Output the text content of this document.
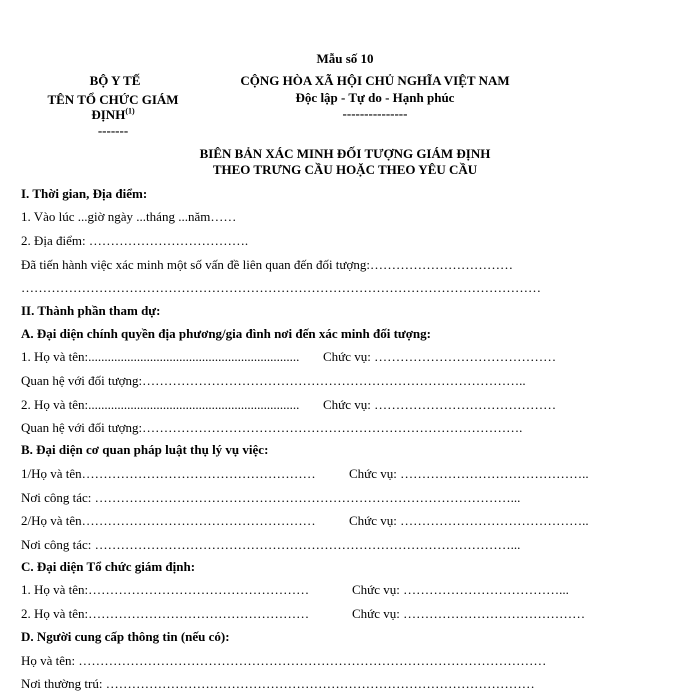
Mẫu số 10
BỘ Y TẾ
TÊN TỔ CHỨC GIÁM
ĐỊNH$^{(1)}$
-------
CỘNG HÒA XÃ HỘI CHỦ NGHĨA VIỆT NAM
Độc lập - Tự do - Hạnh phúc
---------------
BIÊN BẢN XÁC MINH ĐỐI TƯỢNG GIÁM ĐỊNH
THEO TRƯNG CẦU HOẶC THEO YÊU CẦU
I. Thời gian, Địa điểm:
1. Vào lúc ...giờ ngày ...tháng ...năm……
2. Địa điểm: ……………………………….
Đã tiến hành việc xác minh một số vấn đề liên quan đến đối tượng:……………………………
…………………………………………………………………………………………………………
II. Thành phần tham dự:
A. Đại diện chính quyền địa phương/gia đình nơi đến xác minh đối tượng:
1. Họ và tên:................................................................. Chức vụ: ……………………………………
Quan hệ với đối tượng:……………………………………………………………………………..
2. Họ và tên:................................................................. Chức vụ: ……………………………………
Quan hệ với đối tượng:…………………………………………………………………………….
B. Đại diện cơ quan pháp luật thụ lý vụ việc:
1/Họ và tên………………………………………………	Chức vụ: ……………………………………..
Nơi công tác: ……………………………………………………………………………………...
2/Họ và tên………………………………………………	Chức vụ: ……………………………………..
Nơi công tác: ……………………………………………………………………………………...
C. Đại diện Tổ chức giám định:
1. Họ và tên:……………………………………………	Chức vụ: ………………………………...
2. Họ và tên:……………………………………………	Chức vụ: ……………………………………
D. Người cung cấp thông tin (nếu có):
Họ và tên: ………………………………………………………………………………………………
Nơi thường trú: ………………………………………………………………………………………
